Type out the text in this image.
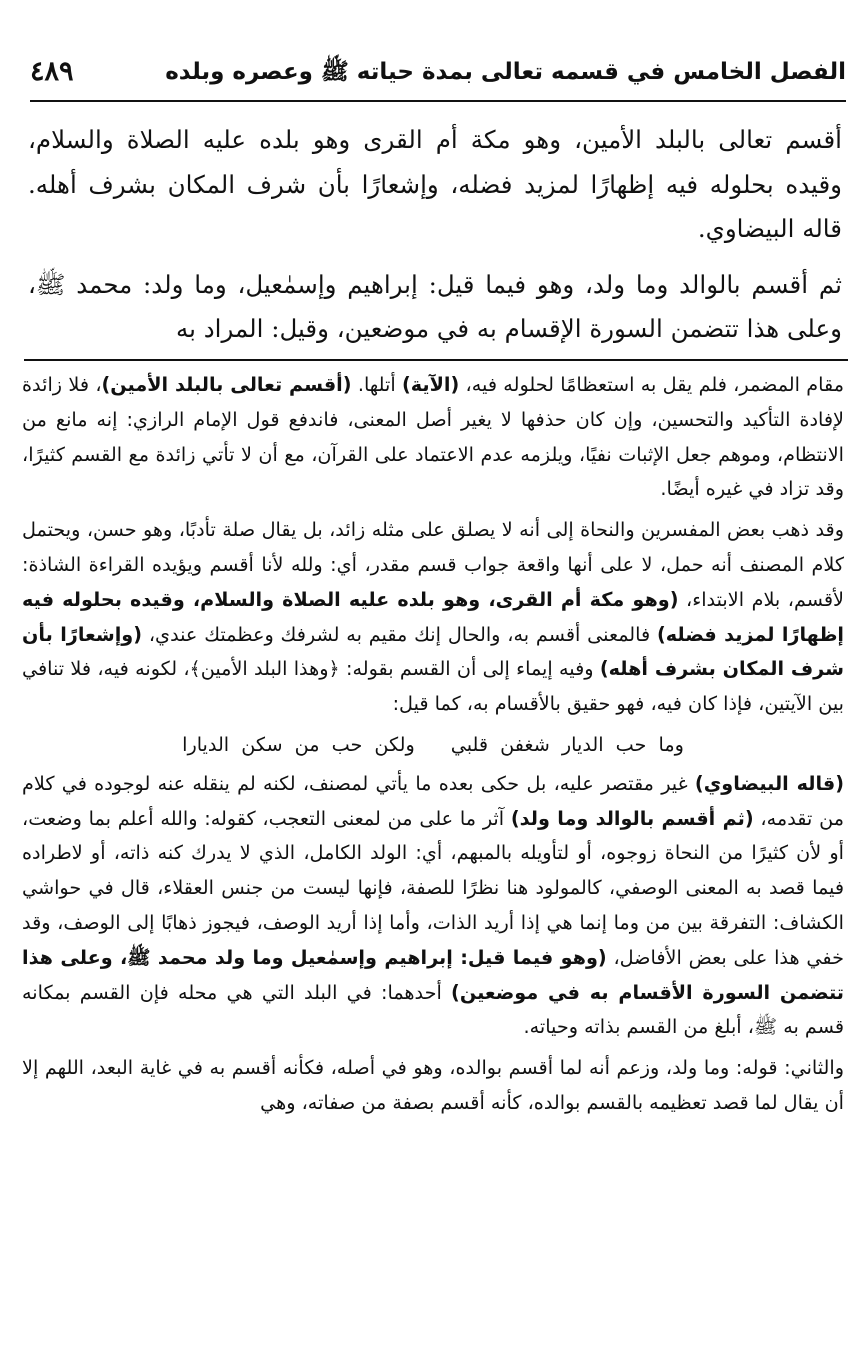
٤٨٩	الفصل الخامس في قسمه تعالى بمدة حياته ﷺ وعصره وبلده

أقسم تعالى بالبلد الأمين، وهو مكة أم القرى وهو بلده عليه الصلاة والسلام، وقيده بحلوله فيه إظهارًا لمزيد فضله، وإشعارًا بأن شرف المكان بشرف أهله. قاله البيضاوي.

ثم أقسم بالوالد وما ولد، وهو فيما قيل: إبراهيم وإسمٰعيل، وما ولد: محمد ﷺ، وعلى هذا تتضمن السورة الإقسام به في موضعين، وقيل: المراد به

مقام المضمر، فلم يقل به استعظامًا لحلوله فيه، (الآية) أتلها. (أقسم تعالى بالبلد الأمين)، فلا زائدة لإفادة التأكيد والتحسين، وإن كان حذفها لا يغير أصل المعنى، فاندفع قول الإمام الرازي: إنه مانع من الانتظام، وموهم جعل الإثبات نفيًا، ويلزمه عدم الاعتماد على القرآن، مع أن لا تأتي زائدة مع القسم كثيرًا، وقد تزاد في غيره أيضًا.

وقد ذهب بعض المفسرين والنحاة إلى أنه لا يصلق على مثله زائد، بل يقال صلة تأدبًا، وهو حسن، ويحتمل كلام المصنف أنه حمل، لا على أنها واقعة جواب قسم مقدر، أي: ولله لأنا أقسم ويؤيده القراءة الشاذة: لأقسم، بلام الابتداء، (وهو مكة أم القرى، وهو بلده عليه الصلاة والسلام، وقيده بحلوله فيه إظهارًا لمزيد فضله) فالمعنى أقسم به، والحال إنك مقيم به لشرفك وعظمتك عندي، (وإشعارًا بأن شرف المكان بشرف أهله) وفيه إيماء إلى أن القسم بقوله: ﴿وهذا البلد الأمين﴾، لكونه فيه، فلا تنافي بين الآيتين، فإذا كان فيه، فهو حقيق بالأقسام به، كما قيل:

وما حب الديار شغفن قلبيولكن حب من سكن الديارا

(قاله البيضاوي) غير مقتصر عليه، بل حكى بعده ما يأتي لمصنف، لكنه لم ينقله عنه لوجوده في كلام من تقدمه، (ثم أقسم بالوالد وما ولد) آثر ما على من لمعنى التعجب، كقوله: والله أعلم بما وضعت، أو لأن كثيرًا من النحاة زوجوه، أو لتأويله بالمبهم، أي: الولد الكامل، الذي لا يدرك كنه ذاته، أو لاطراده فيما قصد به المعنى الوصفي، كالمولود هنا نظرًا للصفة، فإنها ليست من جنس العقلاء، قال في حواشي الكشاف: التفرقة بين من وما إنما هي إذا أريد الذات، وأما إذا أريد الوصف، فيجوز ذهابًا إلى الوصف، وقد خفي هذا على بعض الأفاضل، (وهو فيما قيل: إبراهيم وإسمٰعيل وما ولد محمد ﷺ، وعلى هذا تتضمن السورة الأقسام به في موضعين) أحدهما: في البلد التي هي محله فإن القسم بمكانه قسم به ﷺ، أبلغ من القسم بذاته وحياته.

والثاني: قوله: وما ولد، وزعم أنه لما أقسم بوالده، وهو في أصله، فكأنه أقسم به في غاية البعد، اللهم إلا أن يقال لما قصد تعظيمه بالقسم بوالده، كأنه أقسم بصفة من صفاته، وهي
